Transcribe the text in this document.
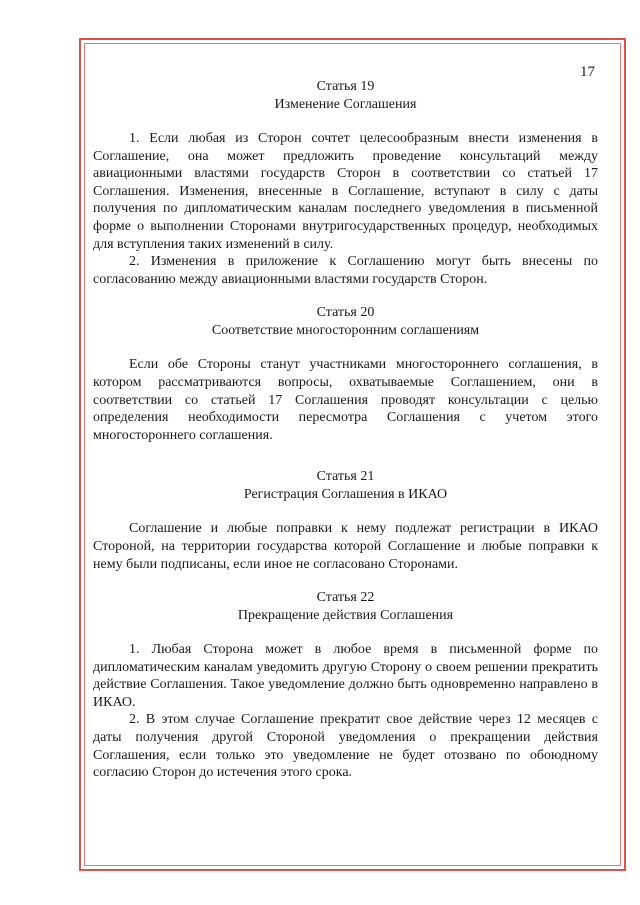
17

Статья 19

Изменение Соглашения

1. Если любая из Сторон сочтет целесообразным внести изменения в Соглашение, она может предложить проведение консультаций между авиационными властями государств Сторон в соответствии со статьей 17 Соглашения. Изменения, внесенные в Соглашение, вступают в силу с даты получения по дипломатическим каналам последнего уведомления в письменной форме о выполнении Сторонами внутригосударственных процедур, необходимых для вступления таких изменений в силу.

2. Изменения в приложение к Соглашению могут быть внесены по согласованию между авиационными властями государств Сторон.

Статья 20

Соответствие многосторонним соглашениям

Если обе Стороны станут участниками многостороннего соглашения, в котором рассматриваются вопросы, охватываемые Соглашением, они в соответствии со статьей 17 Соглашения проводят консультации с целью определения необходимости пересмотра Соглашения с учетом этого многостороннего соглашения.

Статья 21

Регистрация Соглашения в ИКАО

Соглашение и любые поправки к нему подлежат регистрации в ИКАО Стороной, на территории государства которой Соглашение и любые поправки к нему были подписаны, если иное не согласовано Сторонами.

Статья 22

Прекращение действия Соглашения

1. Любая Сторона может в любое время в письменной форме по дипломатическим каналам уведомить другую Сторону о своем решении прекратить действие Соглашения. Такое уведомление должно быть одновременно направлено в ИКАО.

2. В этом случае Соглашение прекратит свое действие через 12 месяцев с даты получения другой Стороной уведомления о прекращении действия Соглашения, если только это уведомление не будет отозвано по обоюдному согласию Сторон до истечения этого срока.
